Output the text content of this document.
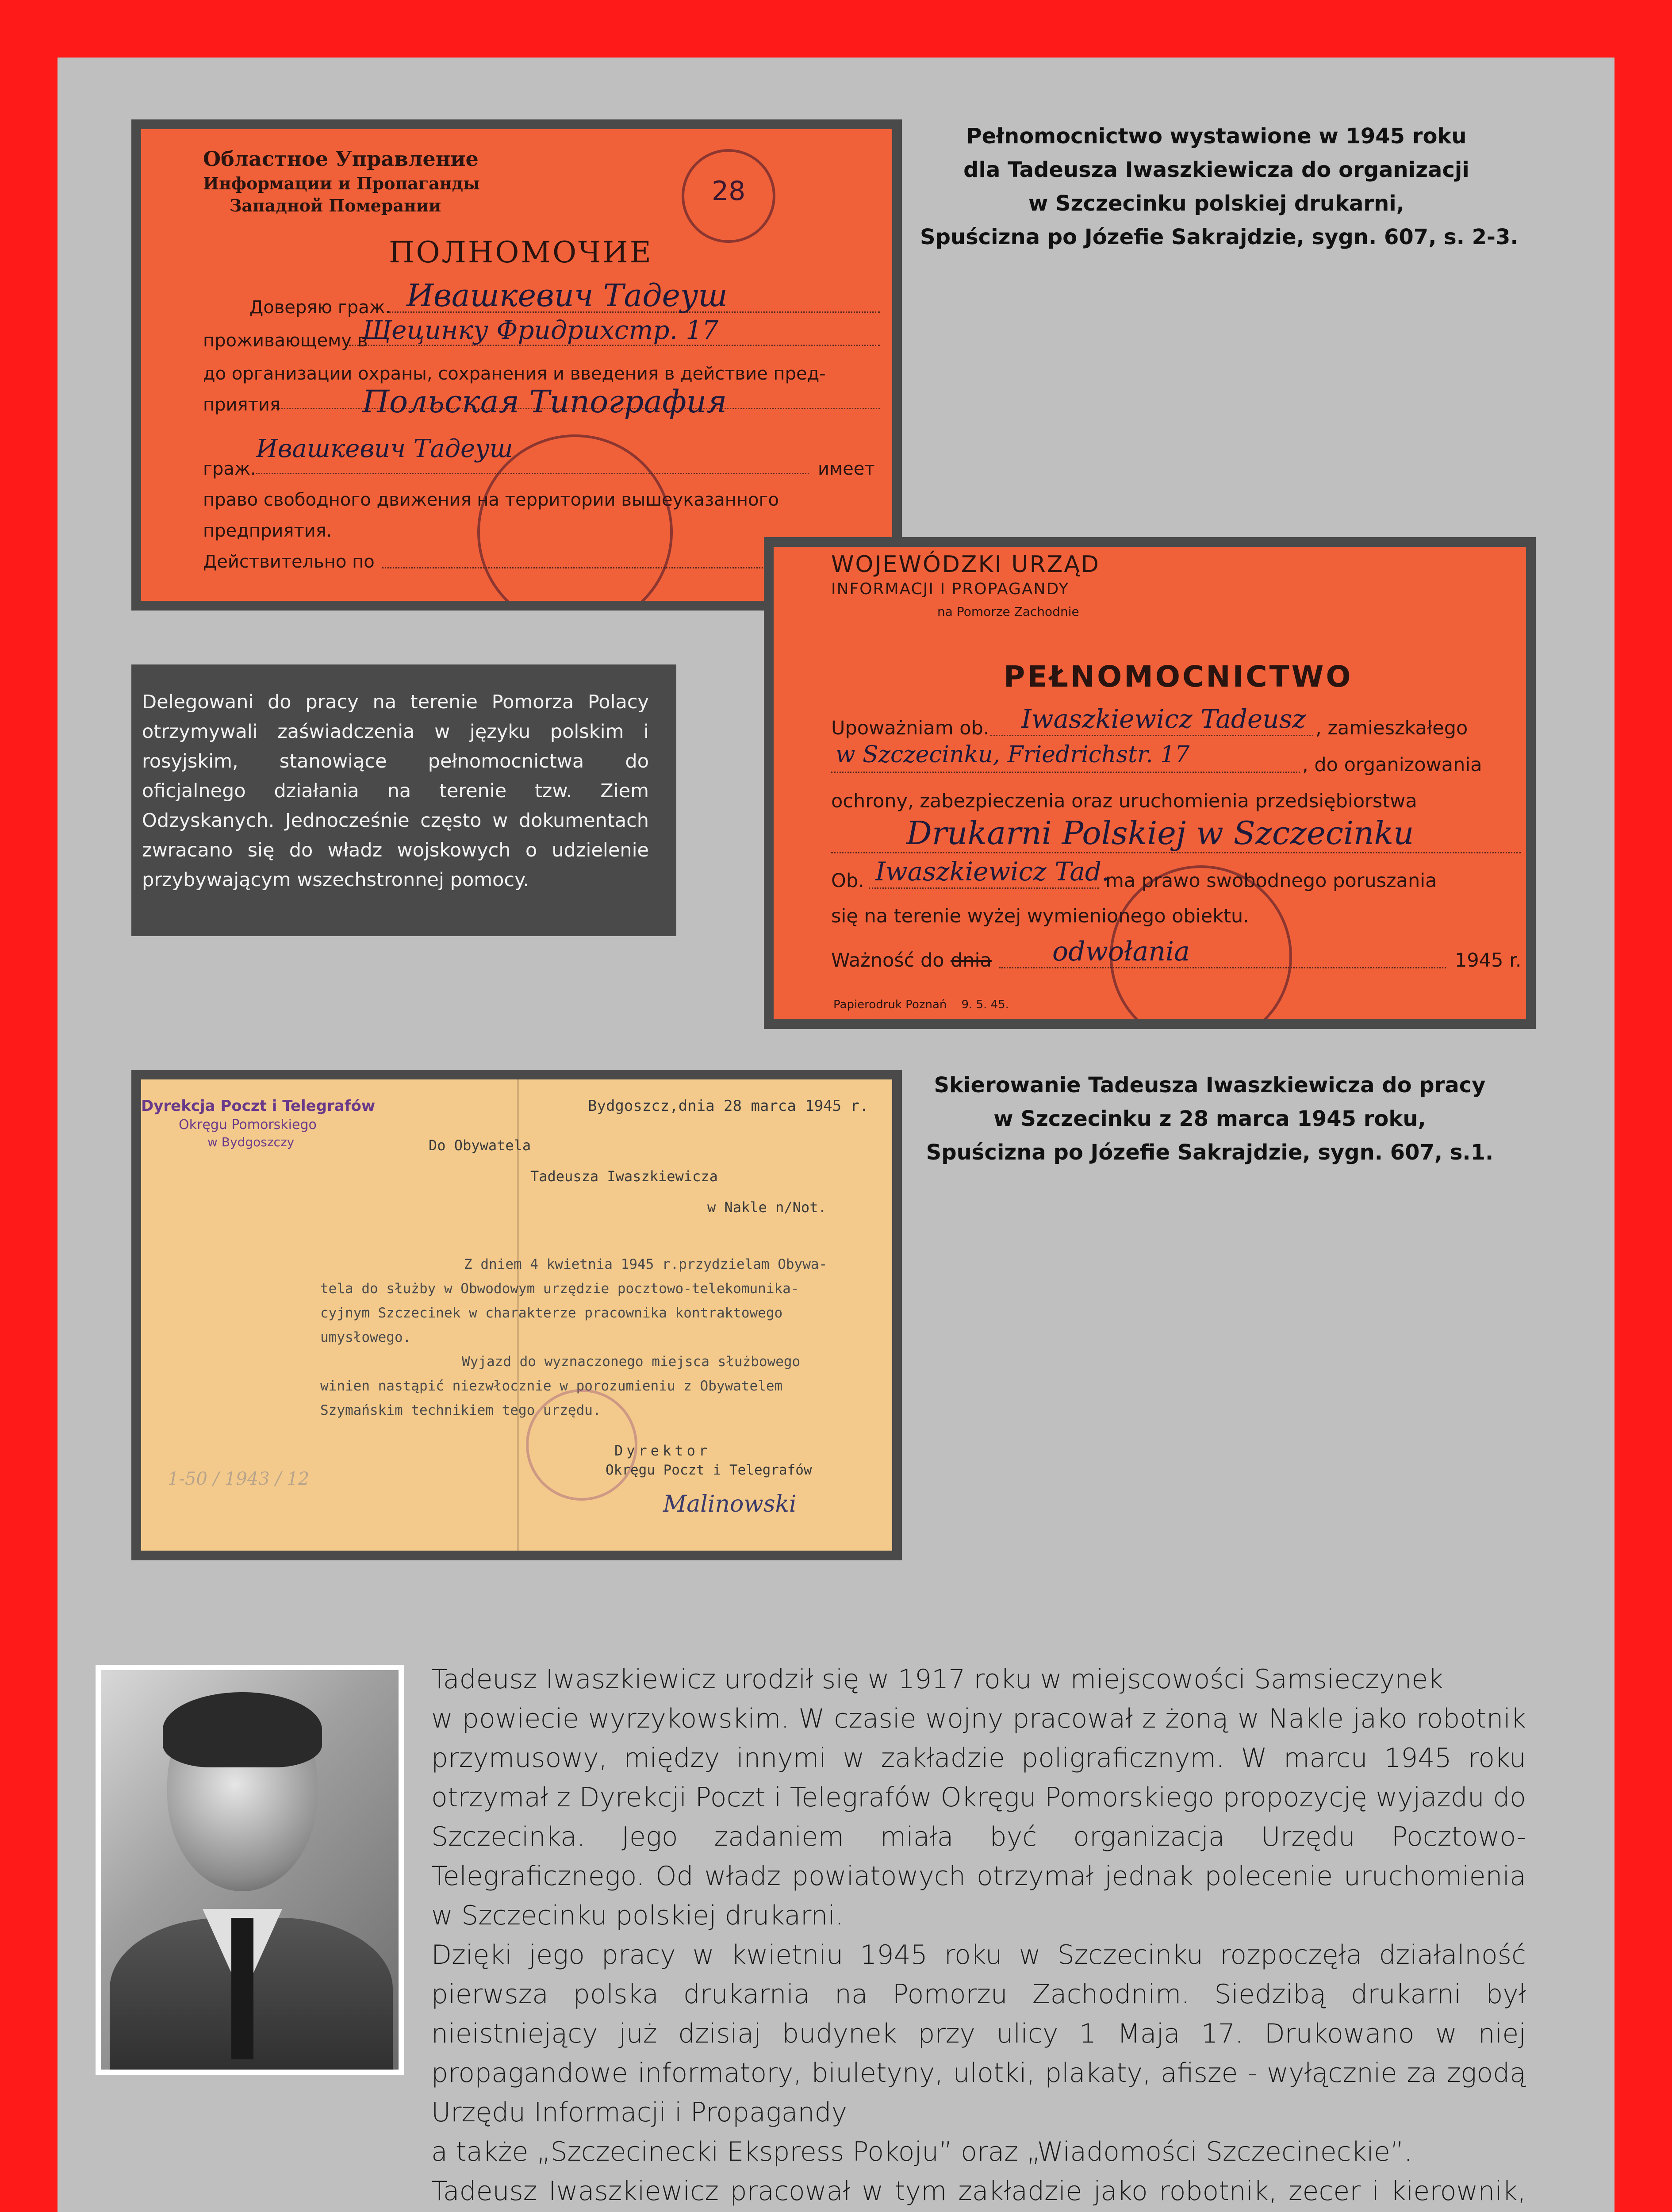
Областное Управление
Информации и Пропаганды
Западной Померании	28
ПОЛНОМОЧИЕ
Доверяю граж. Ивашкевич Тадеуш
проживающему в
Щецинку Фридрихстр. 17
до организации охраны, сохранения и введения в действие пред-
приятия	Польская Типография
граж.
Ивашкевич Тадеуш
имеет
право свободного движения на территории вышеуказанного
предприятия.
Действительно по	WOJEWÓDZKI URZĄD
INFORMACJI I PROPAGANDY
na Pomorze Zachodnie
PEŁNOMOCNICTWO
Upoważniam ob. Iwaszkiewicz Tadeusz , zamieszkałego
w Szczecinku, Friedrichstr. 17	, do organizowania
ochrony, zabezpieczenia oraz uruchomienia przedsiębiorstwa
Drukarni Polskiej w Szczecinku
Ob. Iwaszkiewicz Tad.
ma prawo swobodnego poruszania
się na terenie wyżej wymienionego obiektu.
Ważność do dnia odwołania	1945 r.
Papierodruk Poznań    9. 5. 45.
Dyrekcja Poczt i Telegrafów
Okręgu Pomorskiego
w Bydgoszczy
Bydgoszcz,dnia 28 marca 1945 r.
Do Obywatela
Tadeusza Iwaszkiewicza
w Nakle n/Not.
Z dniem 4 kwietnia 1945 r.przydzielam Obywa-
tela do służby w Obwodowym urzędzie pocztowo-telekomunika-
cyjnym Szczecinek w charakterze pracownika kontraktowego
umysłowego.
Wyjazd do wyznaczonego miejsca służbowego
winien nastąpić niezwłocznie w porozumieniu z Obywatelem
Szymańskim technikiem tego urzędu.
Dyrektor
Okręgu Poczt i Telegrafów
Malinowski
1-50 / 1943 / 12
Pełnomocnictwo wystawione w 1945 roku
dla Tadeusza Iwaszkiewicza do organizacji
w Szczecinku polskiej drukarni,
Spuścizna po Józefie Sakrajdzie, sygn. 607, s. 2-3.
Skierowanie Tadeusza Iwaszkiewicza do pracy
w Szczecinku z 28 marca 1945 roku,
Spuścizna po Józefie Sakrajdzie, sygn. 607, s.1.
Delegowani do pracy na terenie Pomorza Polacy otrzymywali zaświadczenia w języku polskim i rosyjskim, stanowiące pełnomocnictwa do oficjalnego działania na terenie tzw. Ziem Odzyskanych. Jednocześnie często w dokumentach zwracano się do władz wojskowych o udzielenie przybywającym wszechstronnej pomocy.
Tadeusz Iwaszkiewicz urodził się w 1917 roku w miejscowości Samsieczynek
w powiecie wyrzykowskim. W czasie wojny pracował z żoną w Nakle jako robotnik przymusowy, między innymi w zakładzie poligraficznym. W marcu 1945 roku otrzymał z Dyrekcji Poczt i Telegrafów Okręgu Pomorskiego propozycję wyjazdu do Szczecinka. Jego zadaniem miała być organizacja Urzędu Pocztowo- Telegraficznego. Od władz powiatowych otrzymał jednak polecenie uruchomienia w Szczecinku polskiej drukarni.
Dzięki jego pracy w kwietniu 1945 roku w Szczecinku rozpoczęła działalność pierwsza polska drukarnia na Pomorzu Zachodnim. Siedzibą drukarni był nieistniejący już dzisiaj budynek przy ulicy 1 Maja 17. Drukowano w niej propagandowe informatory, biuletyny, ulotki, plakaty, afisze - wyłącznie za zgodą Urzędu Informacji i Propagandy
a także „Szczecinecki Ekspress Pokoju” oraz „Wiadomości Szczecineckie”.
Tadeusz Iwaszkiewicz pracował w tym zakładzie jako robotnik, zecer i kierownik,
